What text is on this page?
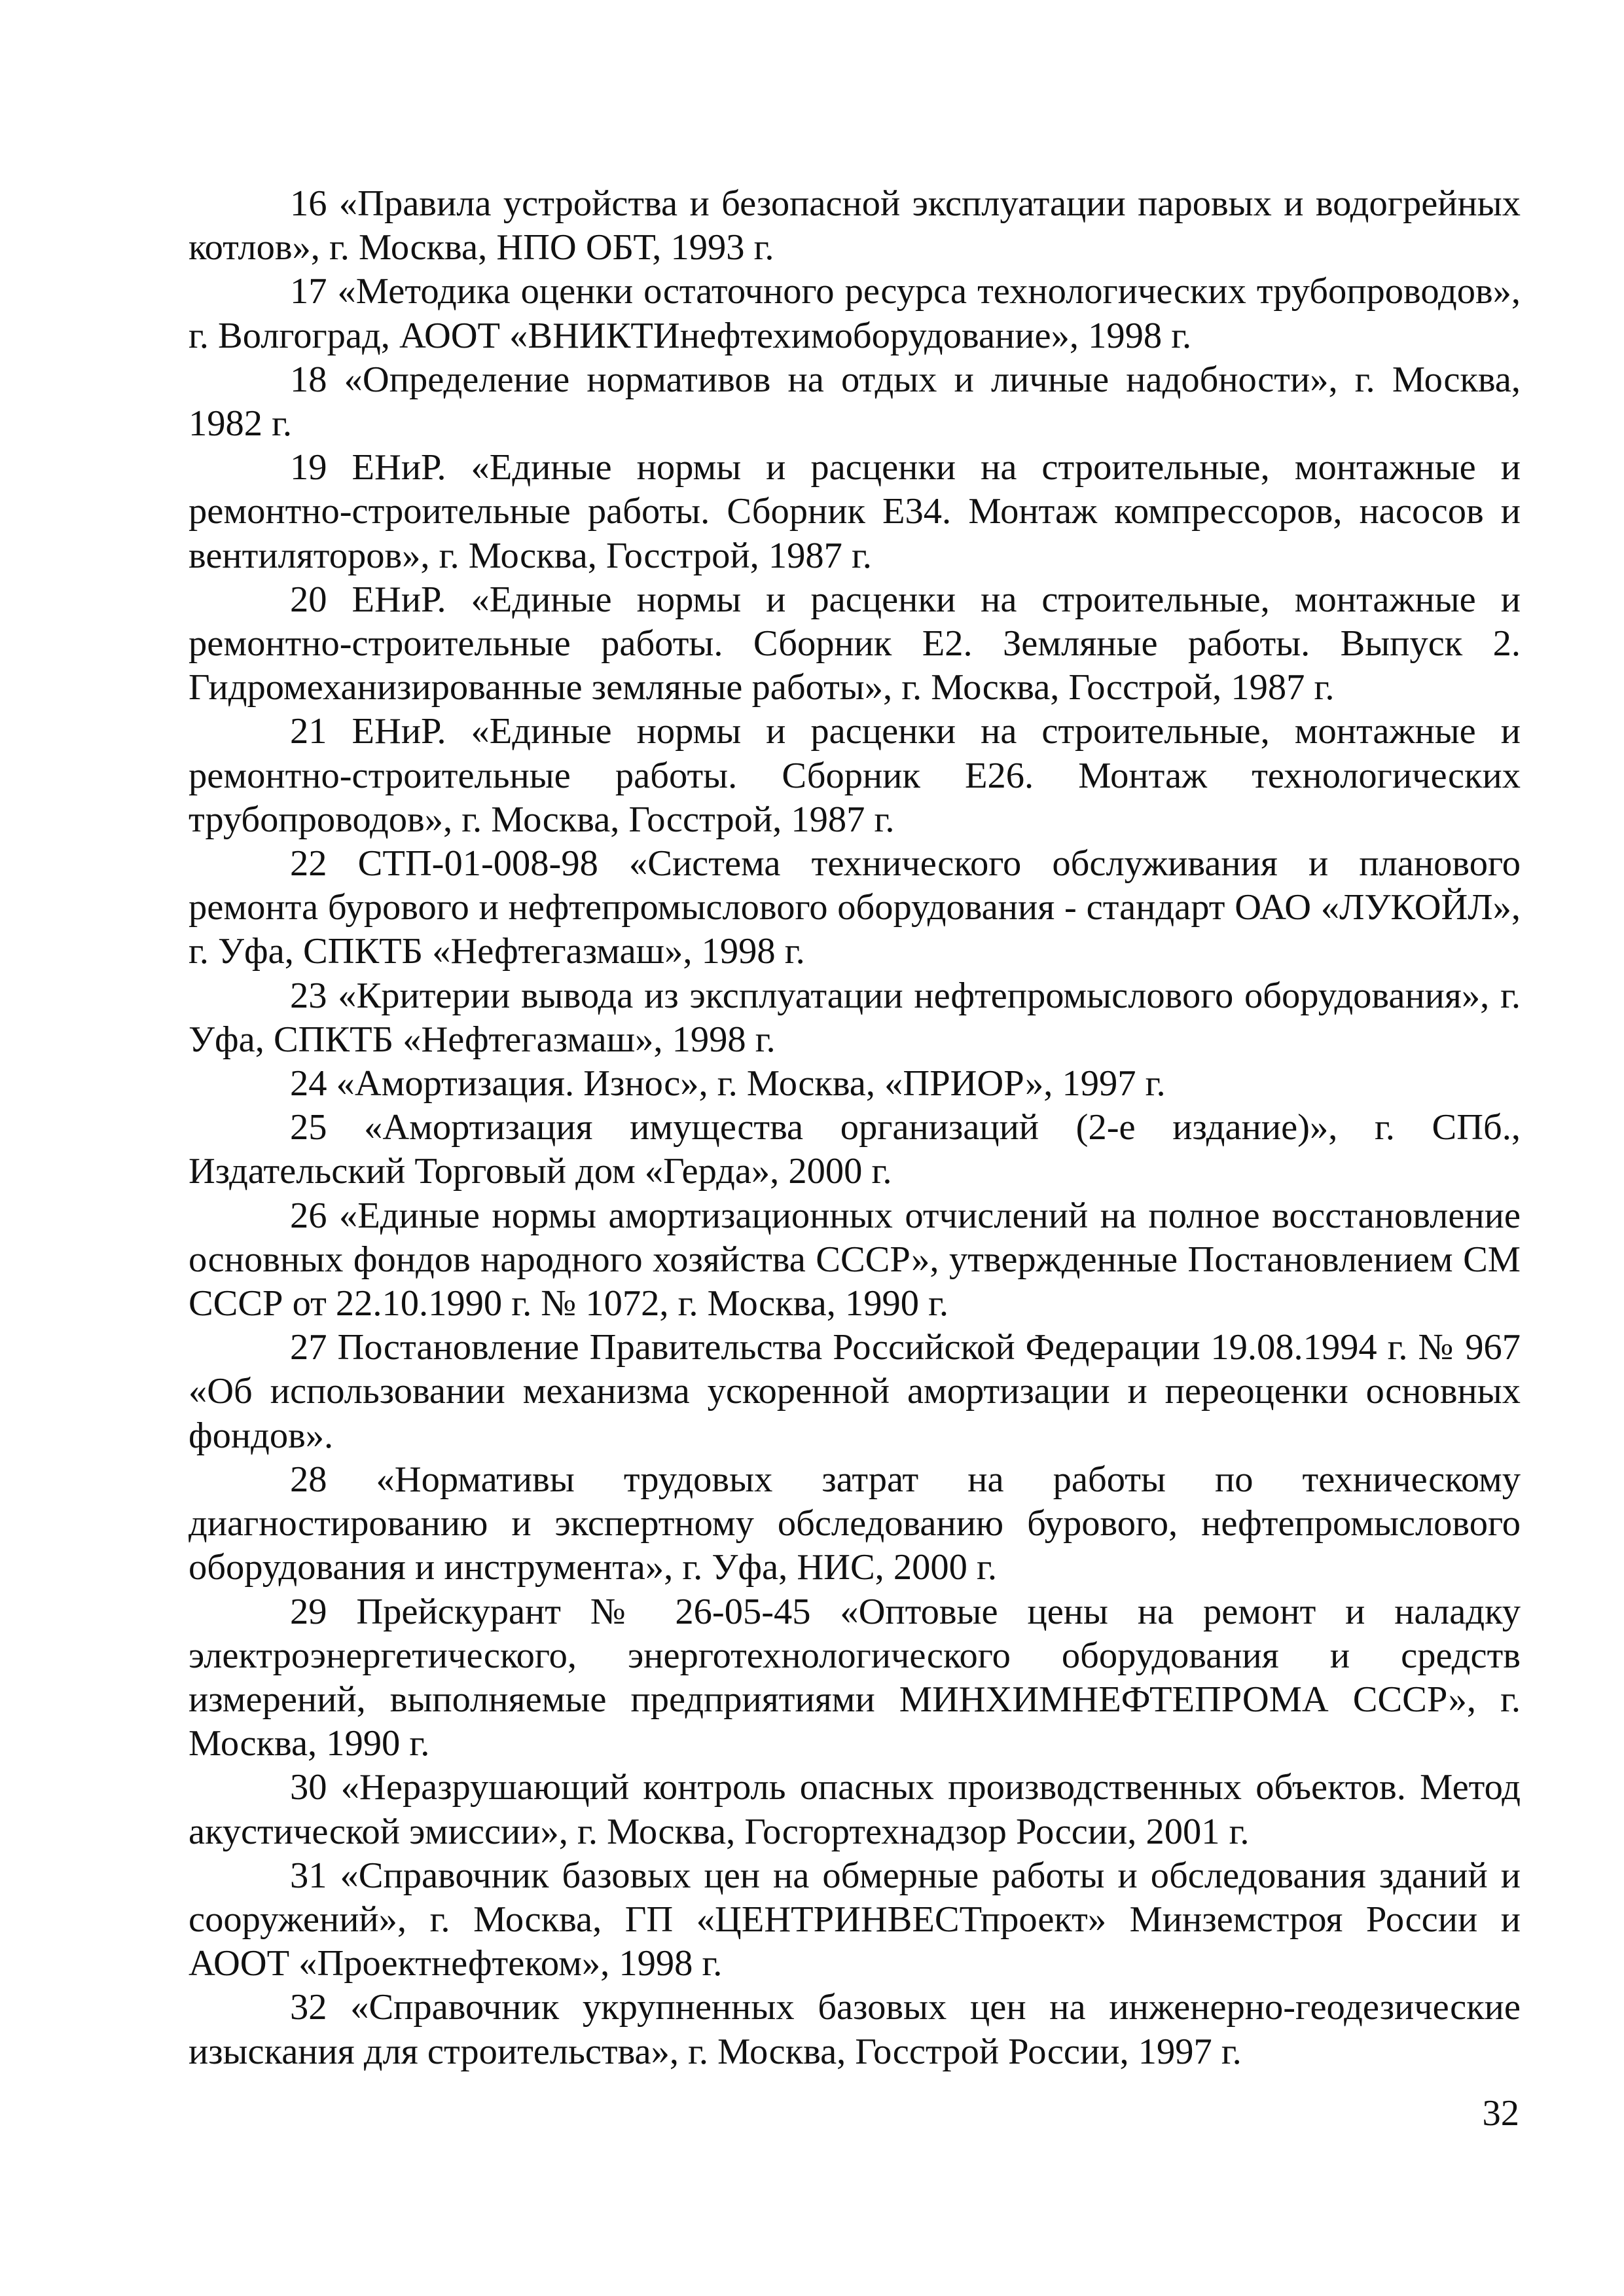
16 «Правила устройства и безопасной эксплуатации паровых и водогрейных котлов», г. Москва, НПО ОБТ, 1993 г.

17 «Методика оценки остаточного ресурса технологических трубопроводов», г. Волгоград, АООТ «ВНИКТИнефтехимоборудование», 1998 г.

18 «Определение нормативов на отдых и личные надобности», г. Москва, 1982 г.

19 ЕНиР. «Единые нормы и расценки на строительные, монтажные и ремонтно-строительные работы. Сборник Е34. Монтаж компрессоров, насосов и вентиляторов», г. Москва, Госстрой, 1987 г.

20 ЕНиР. «Единые нормы и расценки на строительные, монтажные и ремонтно-строительные работы. Сборник Е2. Земляные работы. Выпуск 2. Гидромеханизированные земляные работы», г. Москва, Госстрой, 1987 г.

21 ЕНиР. «Единые нормы и расценки на строительные, монтажные и ремонтно-строительные работы. Сборник Е26. Монтаж технологических трубопроводов», г. Москва, Госстрой, 1987 г.

22 СТП-01-008-98 «Система технического обслуживания и планового ремонта бурового и нефтепромыслового оборудования - стандарт ОАО «ЛУКОЙЛ», г. Уфа, СПКТБ «Нефтегазмаш», 1998 г.

23 «Критерии вывода из эксплуатации нефтепромыслового оборудования», г. Уфа, СПКТБ «Нефтегазмаш», 1998 г.

24 «Амортизация. Износ», г. Москва, «ПРИОР», 1997 г.

25 «Амортизация имущества организаций (2-е издание)», г. СПб., Издательский Торговый дом «Герда», 2000 г.

26 «Единые нормы амортизационных отчислений на полное восстановление основных фондов народного хозяйства СССР», утвержденные Постановлением СМ СССР от 22.10.1990 г. № 1072, г. Москва, 1990 г.

27 Постановление Правительства Российской Федерации 19.08.1994 г. № 967 «Об использовании механизма ускоренной амортизации и переоценки основных фондов».

28 «Нормативы трудовых затрат на работы по техническому диагностированию и экспертному обследованию бурового, нефтепромыслового оборудования и инструмента», г. Уфа, НИС, 2000 г.

29 Прейскурант № 26-05-45 «Оптовые цены на ремонт и наладку электроэнергетического, энерготехнологического оборудования и средств измерений, выполняемые предприятиями МИНХИМНЕФТЕПРОМА СССР», г. Москва, 1990 г.

30 «Неразрушающий контроль опасных производственных объектов. Метод акустической эмиссии», г. Москва, Госгортехнадзор России, 2001 г.

31 «Справочник базовых цен на обмерные работы и обследования зданий и сооружений», г. Москва, ГП «ЦЕНТРИНВЕСТпроект» Минземстроя России и АООТ «Проектнефтеком», 1998 г.

32 «Справочник укрупненных базовых цен на инженерно-геодезические изыскания для строительства», г. Москва, Госстрой России, 1997 г.

32
